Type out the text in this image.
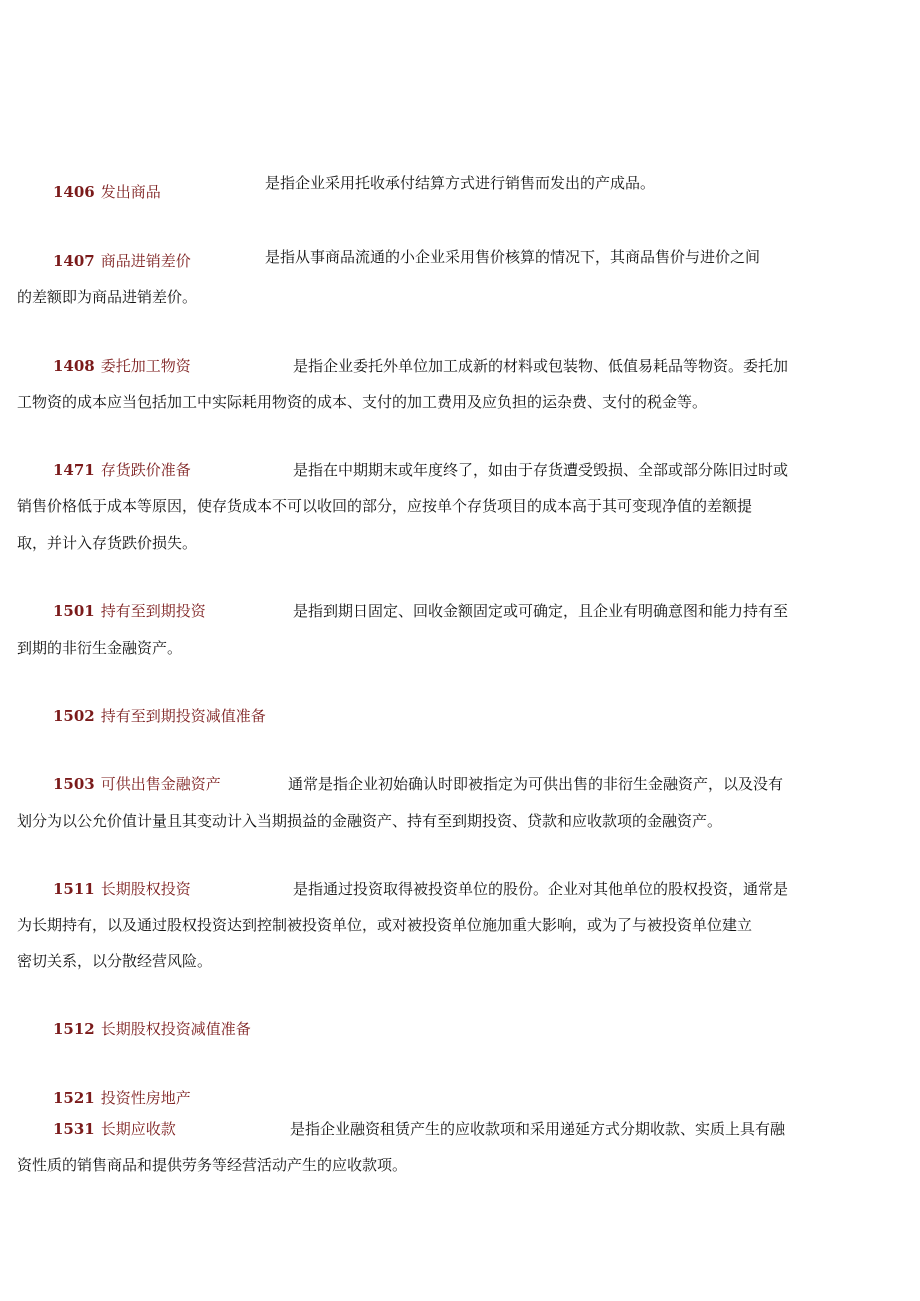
1406 发出商品	是指企业采用托收承付结算方式进行销售而发出的产成品。
1407 商品进销差价	是指从事商品流通的小企业采用售价核算的情况下，其商品售价与进价之间
的差额即为商品进销差价。
1408 委托加工物资	是指企业委托外单位加工成新的材料或包装物、低值易耗品等物资。委托加
工物资的成本应当包括加工中实际耗用物资的成本、支付的加工费用及应负担的运杂费、支付的税金等。
1471 存货跌价准备	是指在中期期末或年度终了，如由于存货遭受毁损、全部或部分陈旧过时或
销售价格低于成本等原因，使存货成本不可以收回的部分，应按单个存货项目的成本高于其可变现净值的差额提
取，并计入存货跌价损失。
1501 持有至到期投资	是指到期日固定、回收金额固定或可确定，且企业有明确意图和能力持有至
到期的非衍生金融资产。
1502 持有至到期投资减值准备
1503 可供出售金融资产	通常是指企业初始确认时即被指定为可供出售的非衍生金融资产，以及没有
划分为以公允价值计量且其变动计入当期损益的金融资产、持有至到期投资、贷款和应收款项的金融资产。
1511 长期股权投资	是指通过投资取得被投资单位的股份。企业对其他单位的股权投资，通常是
为长期持有，以及通过股权投资达到控制被投资单位，或对被投资单位施加重大影响，或为了与被投资单位建立
密切关系，以分散经营风险。
1512 长期股权投资减值准备
1521 投资性房地产
1531 长期应收款	是指企业融资租赁产生的应收款项和采用递延方式分期收款、实质上具有融
资性质的销售商品和提供劳务等经营活动产生的应收款项。
